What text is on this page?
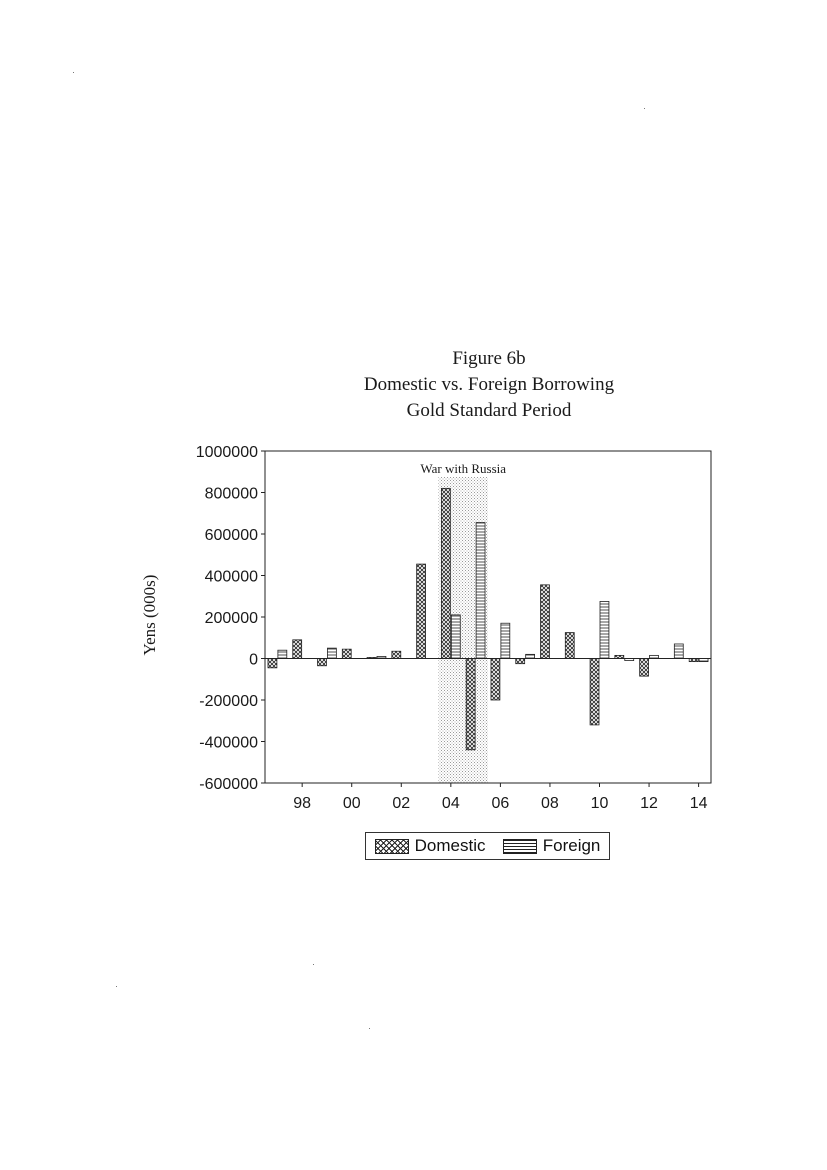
Figure 6b
Domestic vs. Foreign Borrowing
Gold Standard Period
War with Russia
1000000
800000
600000
400000
200000
0
-200000
-400000
-600000
98 00 02 04 06 08 10 12 14
Yens (000s)
Domestic	Foreign
